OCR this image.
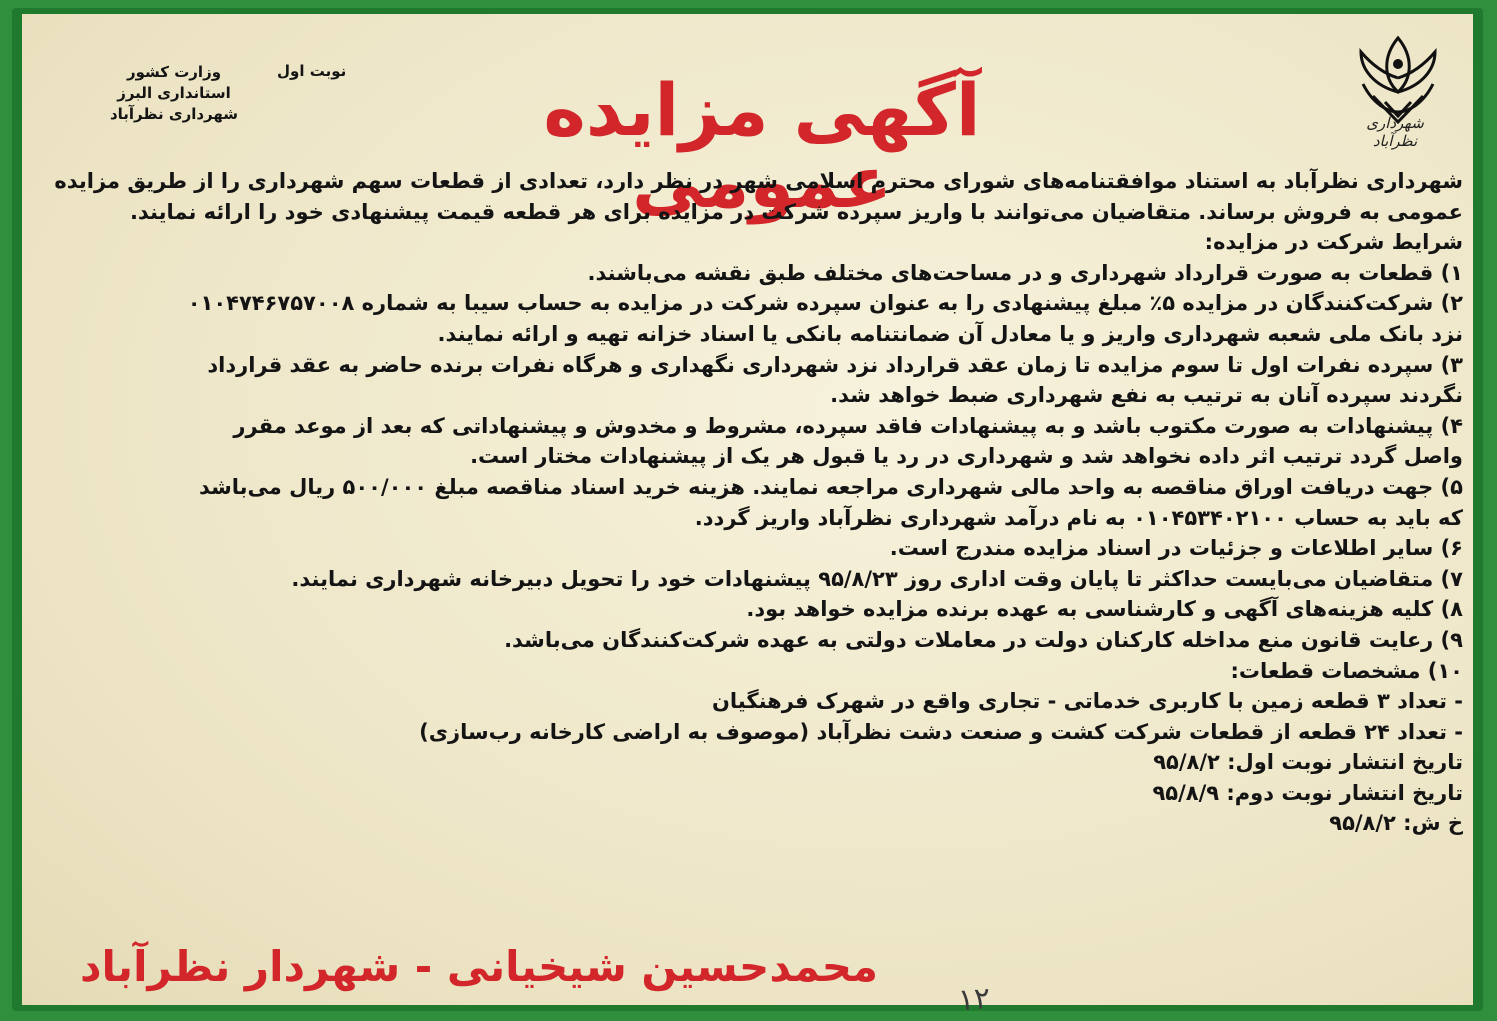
شهرداری نظرآباد
آگهی مزایده عمومی
نوبت اول
وزارت کشور
استانداری البرز
شهرداری نظرآباد

شهرداری نظرآباد به استناد موافقتنامه‌های شورای محترم اسلامی شهر در نظر دارد، تعدادی از قطعات سهم شهرداری را از طریق مزایده

عمومی به فروش برساند. متقاضیان می‌توانند با واریز سپرده شرکت در مزایده برای هر قطعه قیمت پیشنهادی خود را ارائه نمایند.

شرایط شرکت در مزایده:

۱) قطعات به صورت قرارداد شهرداری و در مساحت‌های مختلف طبق نقشه می‌باشند.

۲) شرکت‌کنندگان در مزایده ۵٪ مبلغ پیشنهادی را به عنوان سپرده شرکت در مزایده به حساب سیبا به شماره ۰۱۰۴۷۴۶۷۵۷۰۰۸

نزد بانک ملی شعبه شهرداری واریز و یا معادل آن ضمانتنامه بانکی یا اسناد خزانه تهیه و ارائه نمایند.

۳) سپرده نفرات اول تا سوم مزایده تا زمان عقد قرارداد نزد شهرداری نگهداری و هرگاه نفرات برنده حاضر به عقد قرارداد

نگردند سپرده آنان به ترتیب به نفع شهرداری ضبط خواهد شد.

۴) پیشنهادات به صورت مکتوب باشد و به پیشنهادات فاقد سپرده، مشروط و مخدوش و پیشنهاداتی که بعد از موعد مقرر

واصل گردد ترتیب اثر داده نخواهد شد و شهرداری در رد یا قبول هر یک از پیشنهادات مختار است.

۵) جهت دریافت اوراق مناقصه به واحد مالی شهرداری مراجعه نمایند. هزینه خرید اسناد مناقصه مبلغ ۵۰۰/۰۰۰ ریال می‌باشد

که باید به حساب ۰۱۰۴۵۳۴۰۲۱۰۰ به نام درآمد شهرداری نظرآباد واریز گردد.

۶) سایر اطلاعات و جزئیات در اسناد مزایده مندرج است.

۷) متقاضیان می‌بایست حداکثر تا پایان وقت اداری روز ۹۵/۸/۲۳ پیشنهادات خود را تحویل دبیرخانه شهرداری نمایند.

۸) کلیه هزینه‌های آگهی و کارشناسی به عهده برنده مزایده خواهد بود.

۹) رعایت قانون منع مداخله کارکنان دولت در معاملات دولتی به عهده شرکت‌کنندگان می‌باشد.

۱۰) مشخصات قطعات:

- تعداد ۳ قطعه زمین با کاربری خدماتی - تجاری واقع در شهرک فرهنگیان

- تعداد ۲۴ قطعه از قطعات شرکت کشت و صنعت دشت نظرآباد (موصوف به اراضی کارخانه رب‌سازی)

تاریخ انتشار نوبت اول: ۹۵/۸/۲

تاریخ انتشار نوبت دوم: ۹۵/۸/۹

خ ش: ۹۵/۸/۲

محمدحسین شیخیانی - شهردار نظرآباد
۱۲
